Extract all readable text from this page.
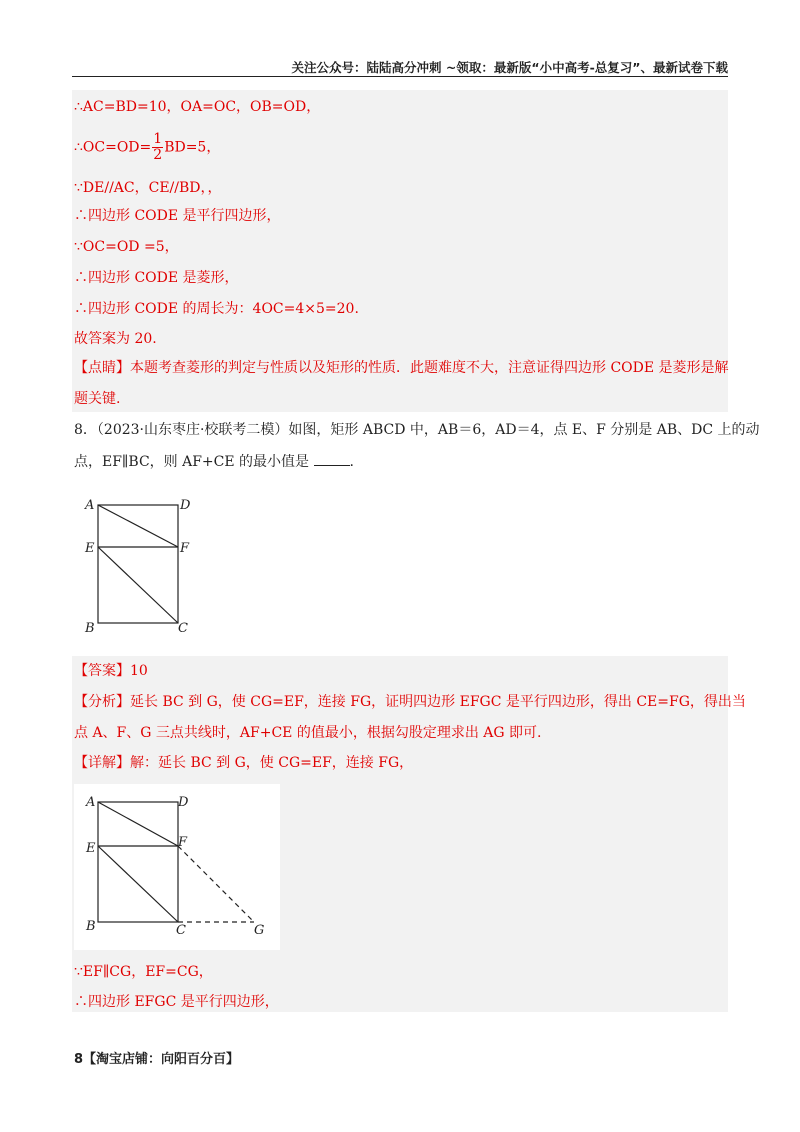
关注公众号：陆陆高分冲刺 ~领取：最新版“小中高考-总复习”、最新试卷下载
∴AC=BD=10，OA=OC，OB=OD，
∴OC=OD= $\frac{1}{2} BD=5$，
∵DE//AC，CE//BD，，
∴四边形 CODE 是平行四边形，
∵OC=OD =5，
∴四边形 CODE 是菱形，
∴四边形 CODE 的周长为：4OC=4×5=20.
故答案为 20.
【点睛】本题考查菱形的判定与性质以及矩形的性质．此题难度不大，注意证得四边形 CODE 是菱形是解
题关键.
8．（2023·山东枣庄·校联考二模）如图，矩形 ABCD 中，AB＝6，AD＝4，点 E、F 分别是 AB、DC 上的动
点，EF∥BC，则 AF+CE 的最小值是	.
A	D
E	F
B	C
【答案】10
【分析】延长 BC 到 G，使 CG=EF，连接 FG，证明四边形 EFGC 是平行四边形，得出 CE=FG，得出当
点 A、F、G 三点共线时，AF+CE 的值最小，根据勾股定理求出 AG 即可.
【详解】解：延长 BC 到 G，使 CG=EF，连接 FG，
A	D
E	F
B	C	G
∵EF∥CG，EF=CG，
∴四边形 EFGC 是平行四边形，
8【淘宝店铺：向阳百分百】
